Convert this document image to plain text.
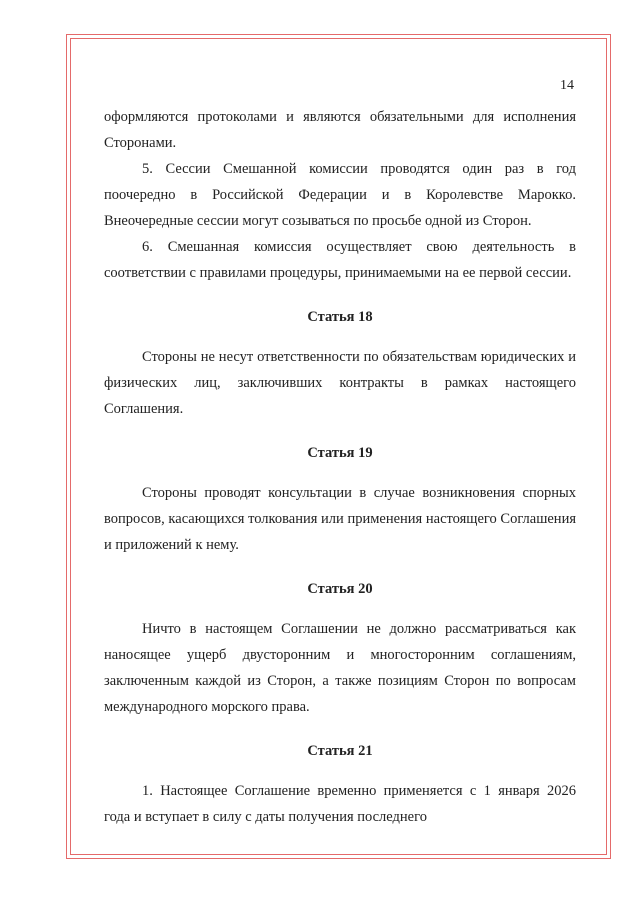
14

оформляются протоколами и являются обязательными для исполнения Сторонами.

5. Сессии Смешанной комиссии проводятся один раз в год поочередно в Российской Федерации и в Королевстве Марокко. Внеочередные сессии могут созываться по просьбе одной из Сторон.

6. Смешанная комиссия осуществляет свою деятельность в соответствии с правилами процедуры, принимаемыми на ее первой сессии.

Статья 18

Стороны не несут ответственности по обязательствам юридических и физических лиц, заключивших контракты в рамках настоящего Соглашения.

Статья 19

Стороны проводят консультации в случае возникновения спорных вопросов, касающихся толкования или применения настоящего Соглашения и приложений к нему.

Статья 20

Ничто в настоящем Соглашении не должно рассматриваться как наносящее ущерб двусторонним и многосторонним соглашениям, заключенным каждой из Сторон, а также позициям Сторон по вопросам международного морского права.

Статья 21

1. Настоящее Соглашение временно применяется с 1 января 2026 года и вступает в силу с даты получения последнего
